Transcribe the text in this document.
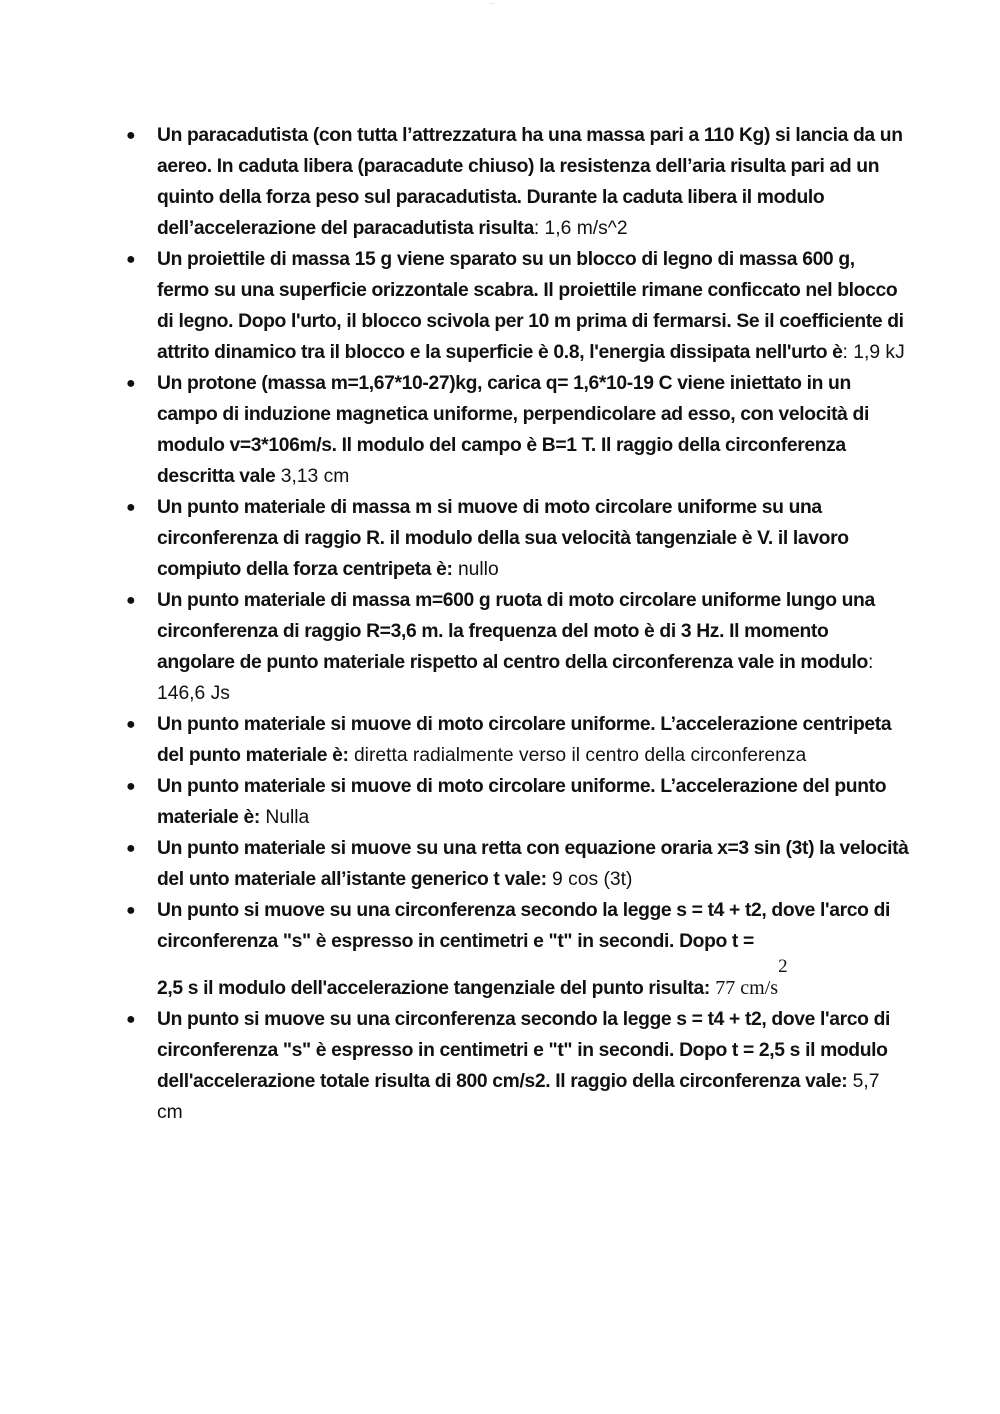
...
● Un paracadutista (con tutta l’attrezzatura ha una massa pari a 110 Kg) si lancia da un aereo. In caduta libera (paracadute chiuso) la resistenza dell’aria risulta pari ad un quinto della forza peso sul paracadutista. Durante la caduta libera il modulo dell’accelerazione del paracadutista risulta: 1,6 m/s^2
● Un proiettile di massa 15 g viene sparato su un blocco di legno di massa 600 g, fermo su una superficie orizzontale scabra. Il proiettile rimane conficcato nel blocco di legno. Dopo l'urto, il blocco scivola per 10 m prima di fermarsi. Se il coefficiente di attrito dinamico tra il blocco e la superficie è 0.8, l'energia dissipata nell'urto è: 1,9 kJ
● Un protone (massa m=1,67*10-27)kg, carica q= 1,6*10-19 C viene iniettato in un campo di induzione magnetica uniforme, perpendicolare ad esso, con velocità di modulo v=3*106m/s. Il modulo del campo è B=1 T. Il raggio della circonferenza descritta vale 3,13 cm
● Un punto materiale di massa m si muove di moto circolare uniforme su una circonferenza di raggio R. il modulo della sua velocità tangenziale è V. il lavoro compiuto della forza centripeta è: nullo
● Un punto materiale di massa m=600 g ruota di moto circolare uniforme lungo una circonferenza di raggio R=3,6 m. la frequenza del moto è di 3 Hz. Il momento angolare de punto materiale rispetto al centro della circonferenza vale in modulo: 146,6 Js
● Un punto materiale si muove di moto circolare uniforme. L’accelerazione centripeta del punto materiale è: diretta radialmente verso il centro della circonferenza
● Un punto materiale si muove di moto circolare uniforme. L’accelerazione del punto materiale è: Nulla
● Un punto materiale si muove su una retta con equazione oraria x=3 sin (3t) la velocità del unto materiale all’istante generico t vale: 9 cos (3t)
● Un punto si muove su una circonferenza secondo la legge s = t4 + t2, dove l'arco di circonferenza "s" è espresso in centimetri e "t" in secondi. Dopo t =
2,5 s il modulo dell'accelerazione tangenziale del punto risulta: 77 cm/s2
● Un punto si muove su una circonferenza secondo la legge s = t4 + t2, dove l'arco di circonferenza "s" è espresso in centimetri e "t" in secondi. Dopo t = 2,5 s il modulo dell'accelerazione totale risulta di 800 cm/s2. Il raggio della circonferenza vale: 5,7 cm
